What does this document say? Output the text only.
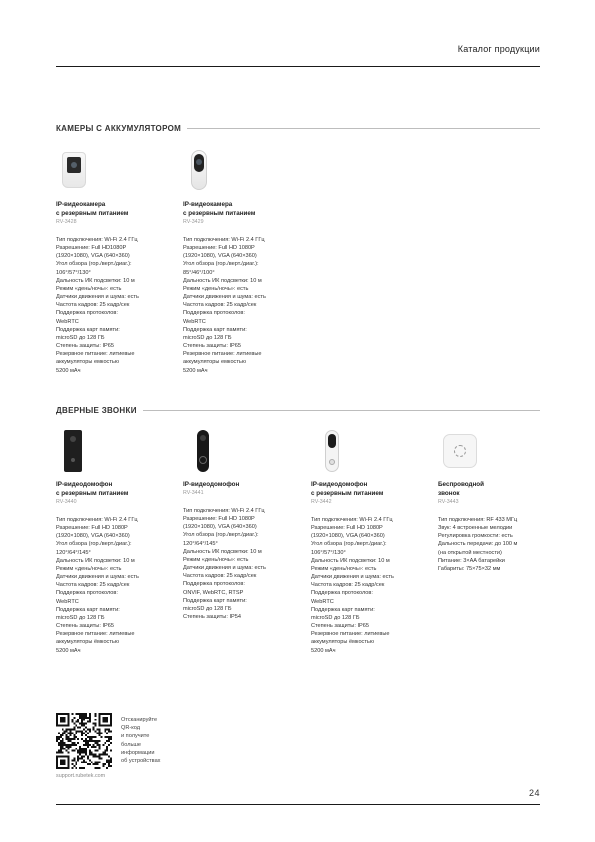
Каталог продукции
КАМЕРЫ С АККУМУЛЯТОРОМ
IP-видеокамера
с резервным питанием
RV-3428
Тип подключения: Wi-Fi 2.4 ГГц
Разрешение: Full HD1080P
(1920×1080), VGA (640×360)
Угол обзора (гор./верт./диаг.):
106°/57°/130°
Дальность ИК подсветки: 10 м
Режим «день/ночь»: есть
Датчики движения и шума: есть
Частота кадров: 25 кадр/сек
Поддержка протоколов:
WebRTC
Поддержка карт памяти:
microSD до 128 ГБ
Степень защиты: IP65
Резервное питание: литиевые
аккумуляторы емкостью
5200 мАч
IP-видеокамера
с резервным питанием
RV-3429
Тип подключения: Wi-Fi 2.4 ГГц
Разрешение: Full HD 1080P
(1920×1080), VGA (640×360)
Угол обзора (гор./верт./диаг.):
85°/46°/100°
Дальность ИК подсветки: 10 м
Режим «день/ночь»: есть
Датчики движения и шума: есть
Частота кадров: 25 кадр/сек
Поддержка протоколов:
WebRTC
Поддержка карт памяти:
microSD до 128 ГБ
Степень защиты: IP65
Резервное питание: литиевые
аккумуляторы емкостью
5200 мАч
ДВЕРНЫЕ ЗВОНКИ
IP-видеодомофон
с резервным питанием
RV-3440
Тип подключения: Wi-Fi 2.4 ГГц
Разрешение: Full HD 1080P
(1920×1080), VGA (640×360)
Угол обзора (гор./верт./диаг.):
120°/64°/145°
Дальность ИК подсветки: 10 м
Режим «день/ночь»: есть
Датчики движения и шума: есть
Частота кадров: 25 кадр/сек
Поддержка протоколов:
WebRTC
Поддержка карт памяти:
microSD до 128 ГБ
Степень защиты: IP65
Резервное питание: литиевые
аккумуляторы ёмкостью
5200 мАч
IP-видеодомофон
RV-3441
Тип подключения: Wi-Fi 2.4 ГГц
Разрешение: Full HD 1080P
(1920×1080), VGA (640×360)
Угол обзора (гор./верт./диаг.):
120°/64°/145°
Дальность ИК подсветки: 10 м
Режим «день/ночь»: есть
Датчики движения и шума: есть
Частота кадров: 25 кадр/сек
Поддержка протоколов:
ONVIF, WebRTC, RTSP
Поддержка карт памяти:
microSD до 128 ГБ
Степень защиты: IP54
IP-видеодомофон
с резервным питанием
RV-3442
Тип подключения: Wi-Fi 2.4 ГГц
Разрешение: Full HD 1080P
(1920×1080), VGA (640×360)
Угол обзора (гор./верт./диаг.):
106°/57°/130°
Дальность ИК подсветки: 10 м
Режим «день/ночь»: есть
Датчики движения и шума: есть
Частота кадров: 25 кадр/сек
Поддержка протоколов:
WebRTC
Поддержка карт памяти:
microSD до 128 ГБ
Степень защиты: IP65
Резервное питание: литиевые
аккумуляторы ёмкостью
5200 мАч
Беспроводной
звонок
RV-3443
Тип подключения: RF 433 МГц
Звук: 4 встроенные мелодии
Регулировка громкости: есть
Дальность передачи: до 100 м
(на открытой местности)
Питание: 3×AA батарейки
Габариты: 75×75×32 мм
Отсканируйте
QR-код
и получите
больше
информации
об устройствах
support.rubetek.com
24
